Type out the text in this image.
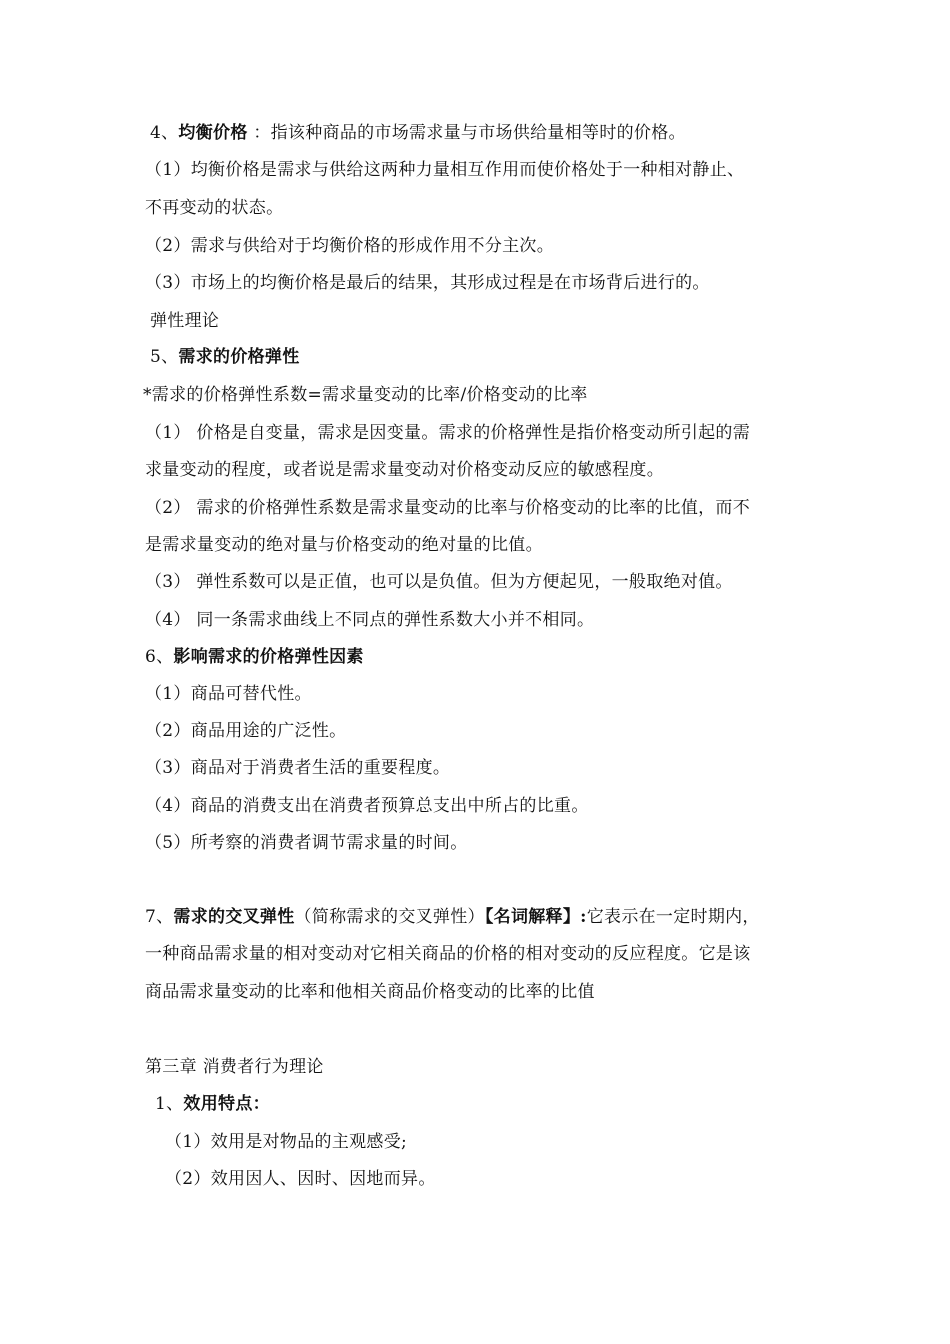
4、均衡价格 ：指该种商品的市场需求量与市场供给量相等时的价格。
（1）均衡价格是需求与供给这两种力量相互作用而使价格处于一种相对静止、
不再变动的状态。
（2）需求与供给对于均衡价格的形成作用不分主次。
（3）市场上的均衡价格是最后的结果，其形成过程是在市场背后进行的。
弹性理论
5、需求的价格弹性
*需求的价格弹性系数=需求量变动的比率/价格变动的比率
（1） 价格是自变量，需求是因变量。需求的价格弹性是指价格变动所引起的需
求量变动的程度，或者说是需求量变动对价格变动反应的敏感程度。
（2） 需求的价格弹性系数是需求量变动的比率与价格变动的比率的比值，而不
是需求量变动的绝对量与价格变动的绝对量的比值。
（3） 弹性系数可以是正值，也可以是负值。但为方便起见，一般取绝对值。
（4） 同一条需求曲线上不同点的弹性系数大小并不相同。
6、影响需求的价格弹性因素
（1）商品可替代性。
（2）商品用途的广泛性。
（3）商品对于消费者生活的重要程度。
（4）商品的消费支出在消费者预算总支出中所占的比重。
（5）所考察的消费者调节需求量的时间。
7、需求的交叉弹性（简称需求的交叉弹性）【名词解释】:它表示在一定时期内，
一种商品需求量的相对变动对它相关商品的价格的相对变动的反应程度。它是该
商品需求量变动的比率和他相关商品价格变动的比率的比值
第三章 消费者行为理论
1、效用特点：
（1）效用是对物品的主观感受;
（2）效用因人、因时、因地而异。
